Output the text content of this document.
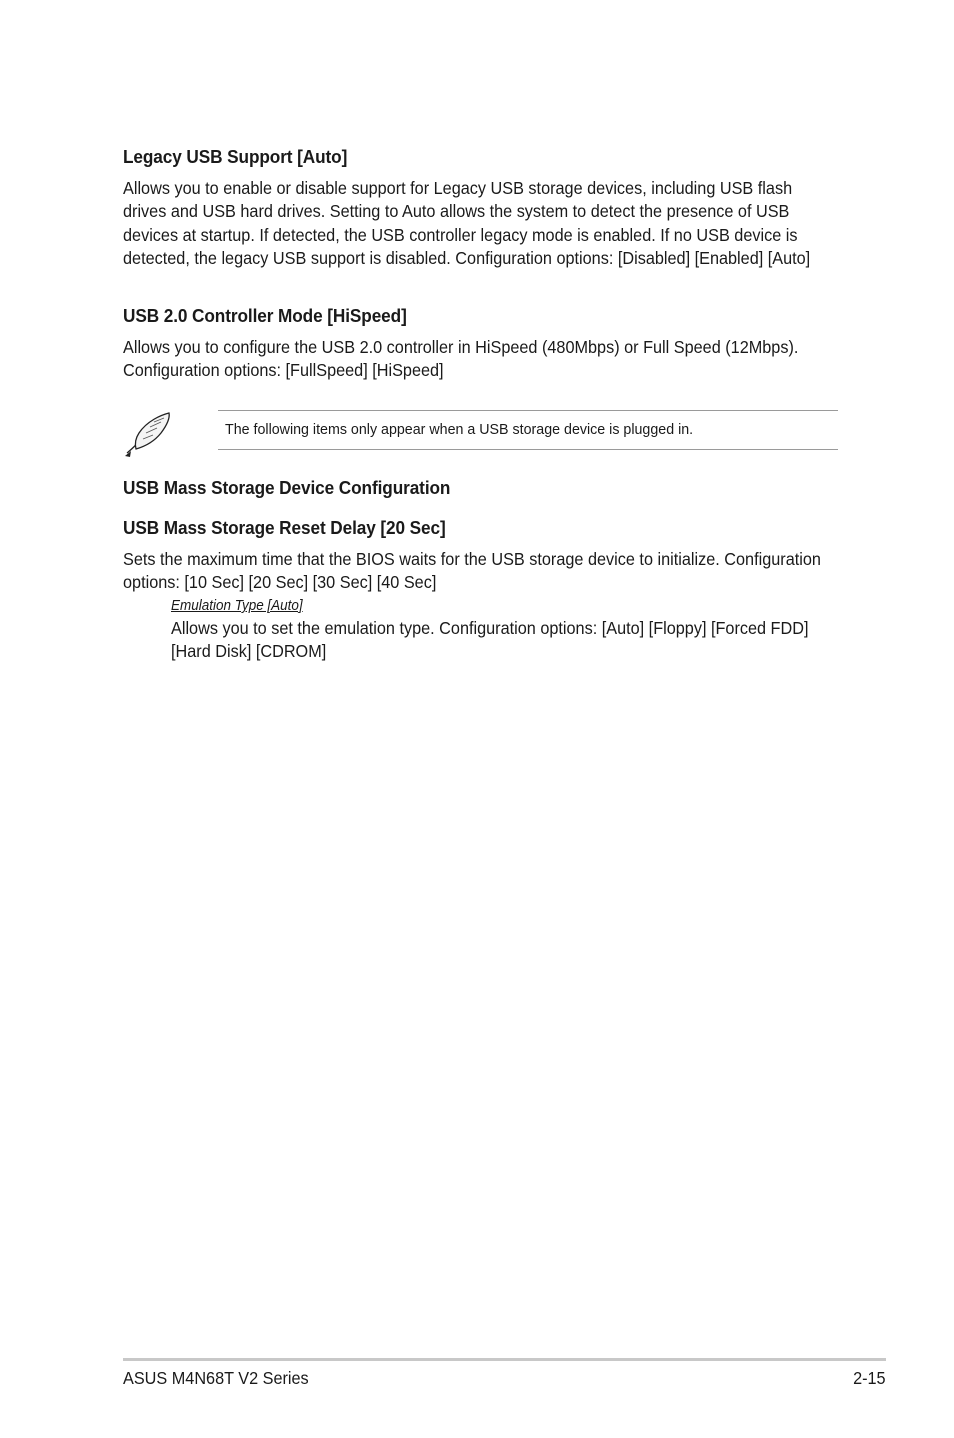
Legacy USB Support [Auto]
Allows you to enable or disable support for Legacy USB storage devices, including USB flash drives and USB hard drives. Setting to Auto allows the system to detect the presence of USB devices at startup. If detected, the USB controller legacy mode is enabled. If no USB device is detected, the legacy USB support is disabled. Configuration options: [Disabled] [Enabled] [Auto]
USB 2.0 Controller Mode [HiSpeed]
Allows you to configure the USB 2.0 controller in HiSpeed (480Mbps) or Full Speed (12Mbps). Configuration options: [FullSpeed] [HiSpeed]
The following items only appear when a USB storage device is plugged in.
USB Mass Storage Device Configuration
USB Mass Storage Reset Delay [20 Sec]
Sets the maximum time that the BIOS waits for the USB storage device to initialize. Configuration options: [10 Sec] [20 Sec] [30 Sec] [40 Sec]
Emulation Type [Auto]
Allows you to set the emulation type. Configuration options: [Auto] [Floppy] [Forced FDD] [Hard Disk] [CDROM]
ASUS M4N68T V2 Series	2-15
